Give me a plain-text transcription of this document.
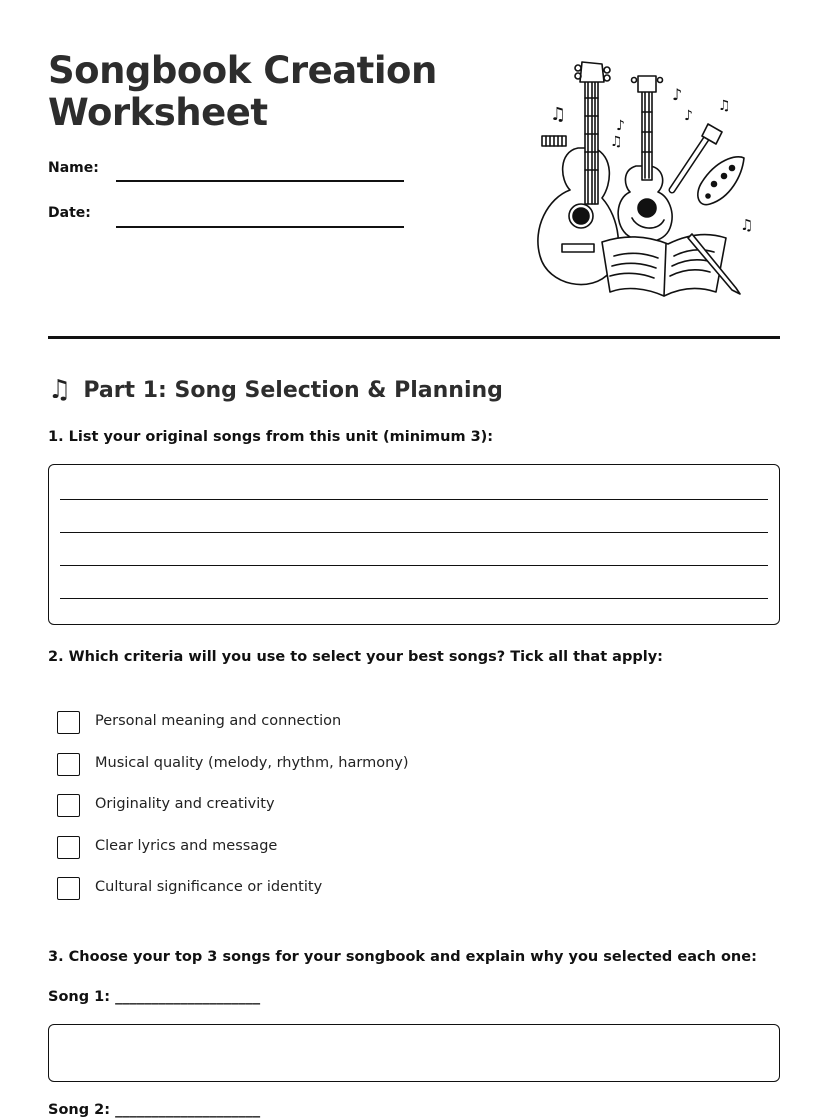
Songbook Creation Worksheet
Name:
Date:
♫
♪
♫
♪
♪
♫
♫
♫ Part 1: Song Selection & Planning
1. List your original songs from this unit (minimum 3):
2. Which criteria will you use to select your best songs? Tick all that apply:
Personal meaning and connection
Musical quality (melody, rhythm, harmony)
Originality and creativity
Clear lyrics and message
Cultural significance or identity
3. Choose your top 3 songs for your songbook and explain why you selected each one:
Song 1: ____________________
Song 2: ____________________
